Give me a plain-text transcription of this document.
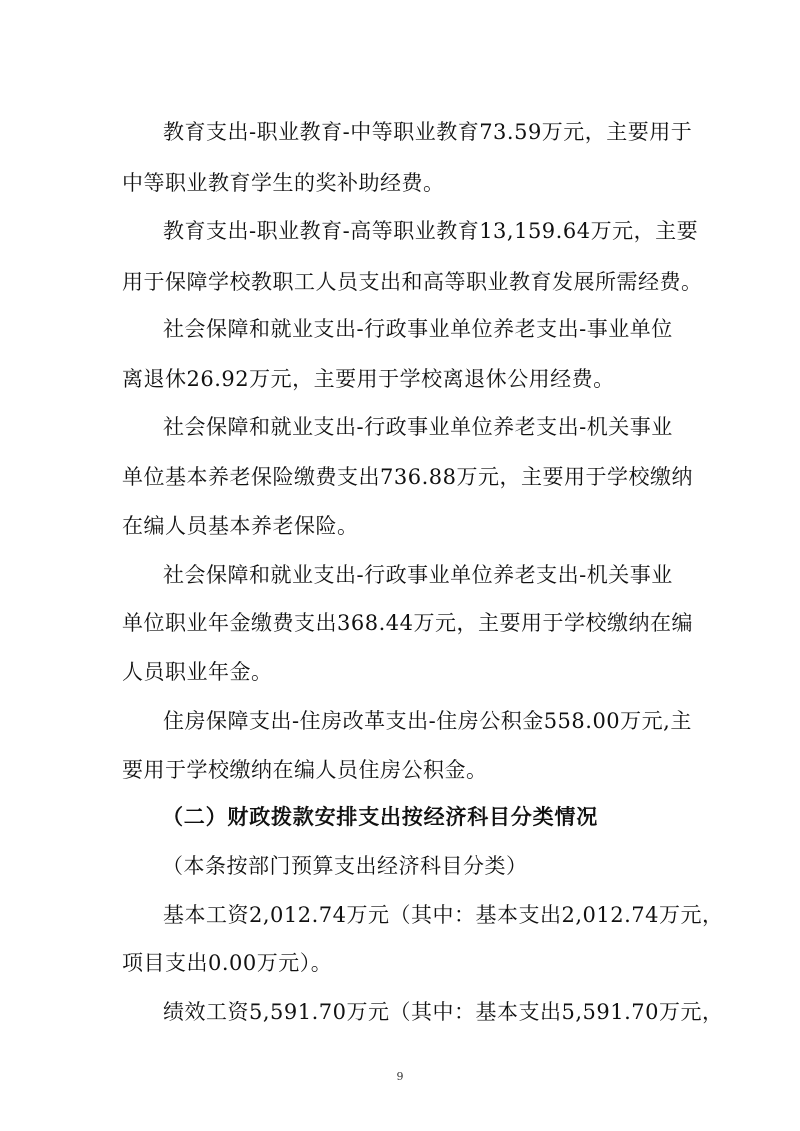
教育支出-职业教育-中等职业教育73.59万元，主要用于
中等职业教育学生的奖补助经费。
教育支出-职业教育-高等职业教育13,159.64万元，主要
用于保障学校教职工人员支出和高等职业教育发展所需经费。
社会保障和就业支出-行政事业单位养老支出-事业单位
离退休26.92万元，主要用于学校离退休公用经费。
社会保障和就业支出-行政事业单位养老支出-机关事业
单位基本养老保险缴费支出736.88万元，主要用于学校缴纳
在编人员基本养老保险。
社会保障和就业支出-行政事业单位养老支出-机关事业
单位职业年金缴费支出368.44万元，主要用于学校缴纳在编
人员职业年金。
住房保障支出-住房改革支出-住房公积金558.00万元,主
要用于学校缴纳在编人员住房公积金。
（二）财政拨款安排支出按经济科目分类情况
（本条按部门预算支出经济科目分类）
基本工资2,012.74万元（其中：基本支出2,012.74万元，
项目支出0.00万元）。
绩效工资5,591.70万元（其中：基本支出5,591.70万元，
9
